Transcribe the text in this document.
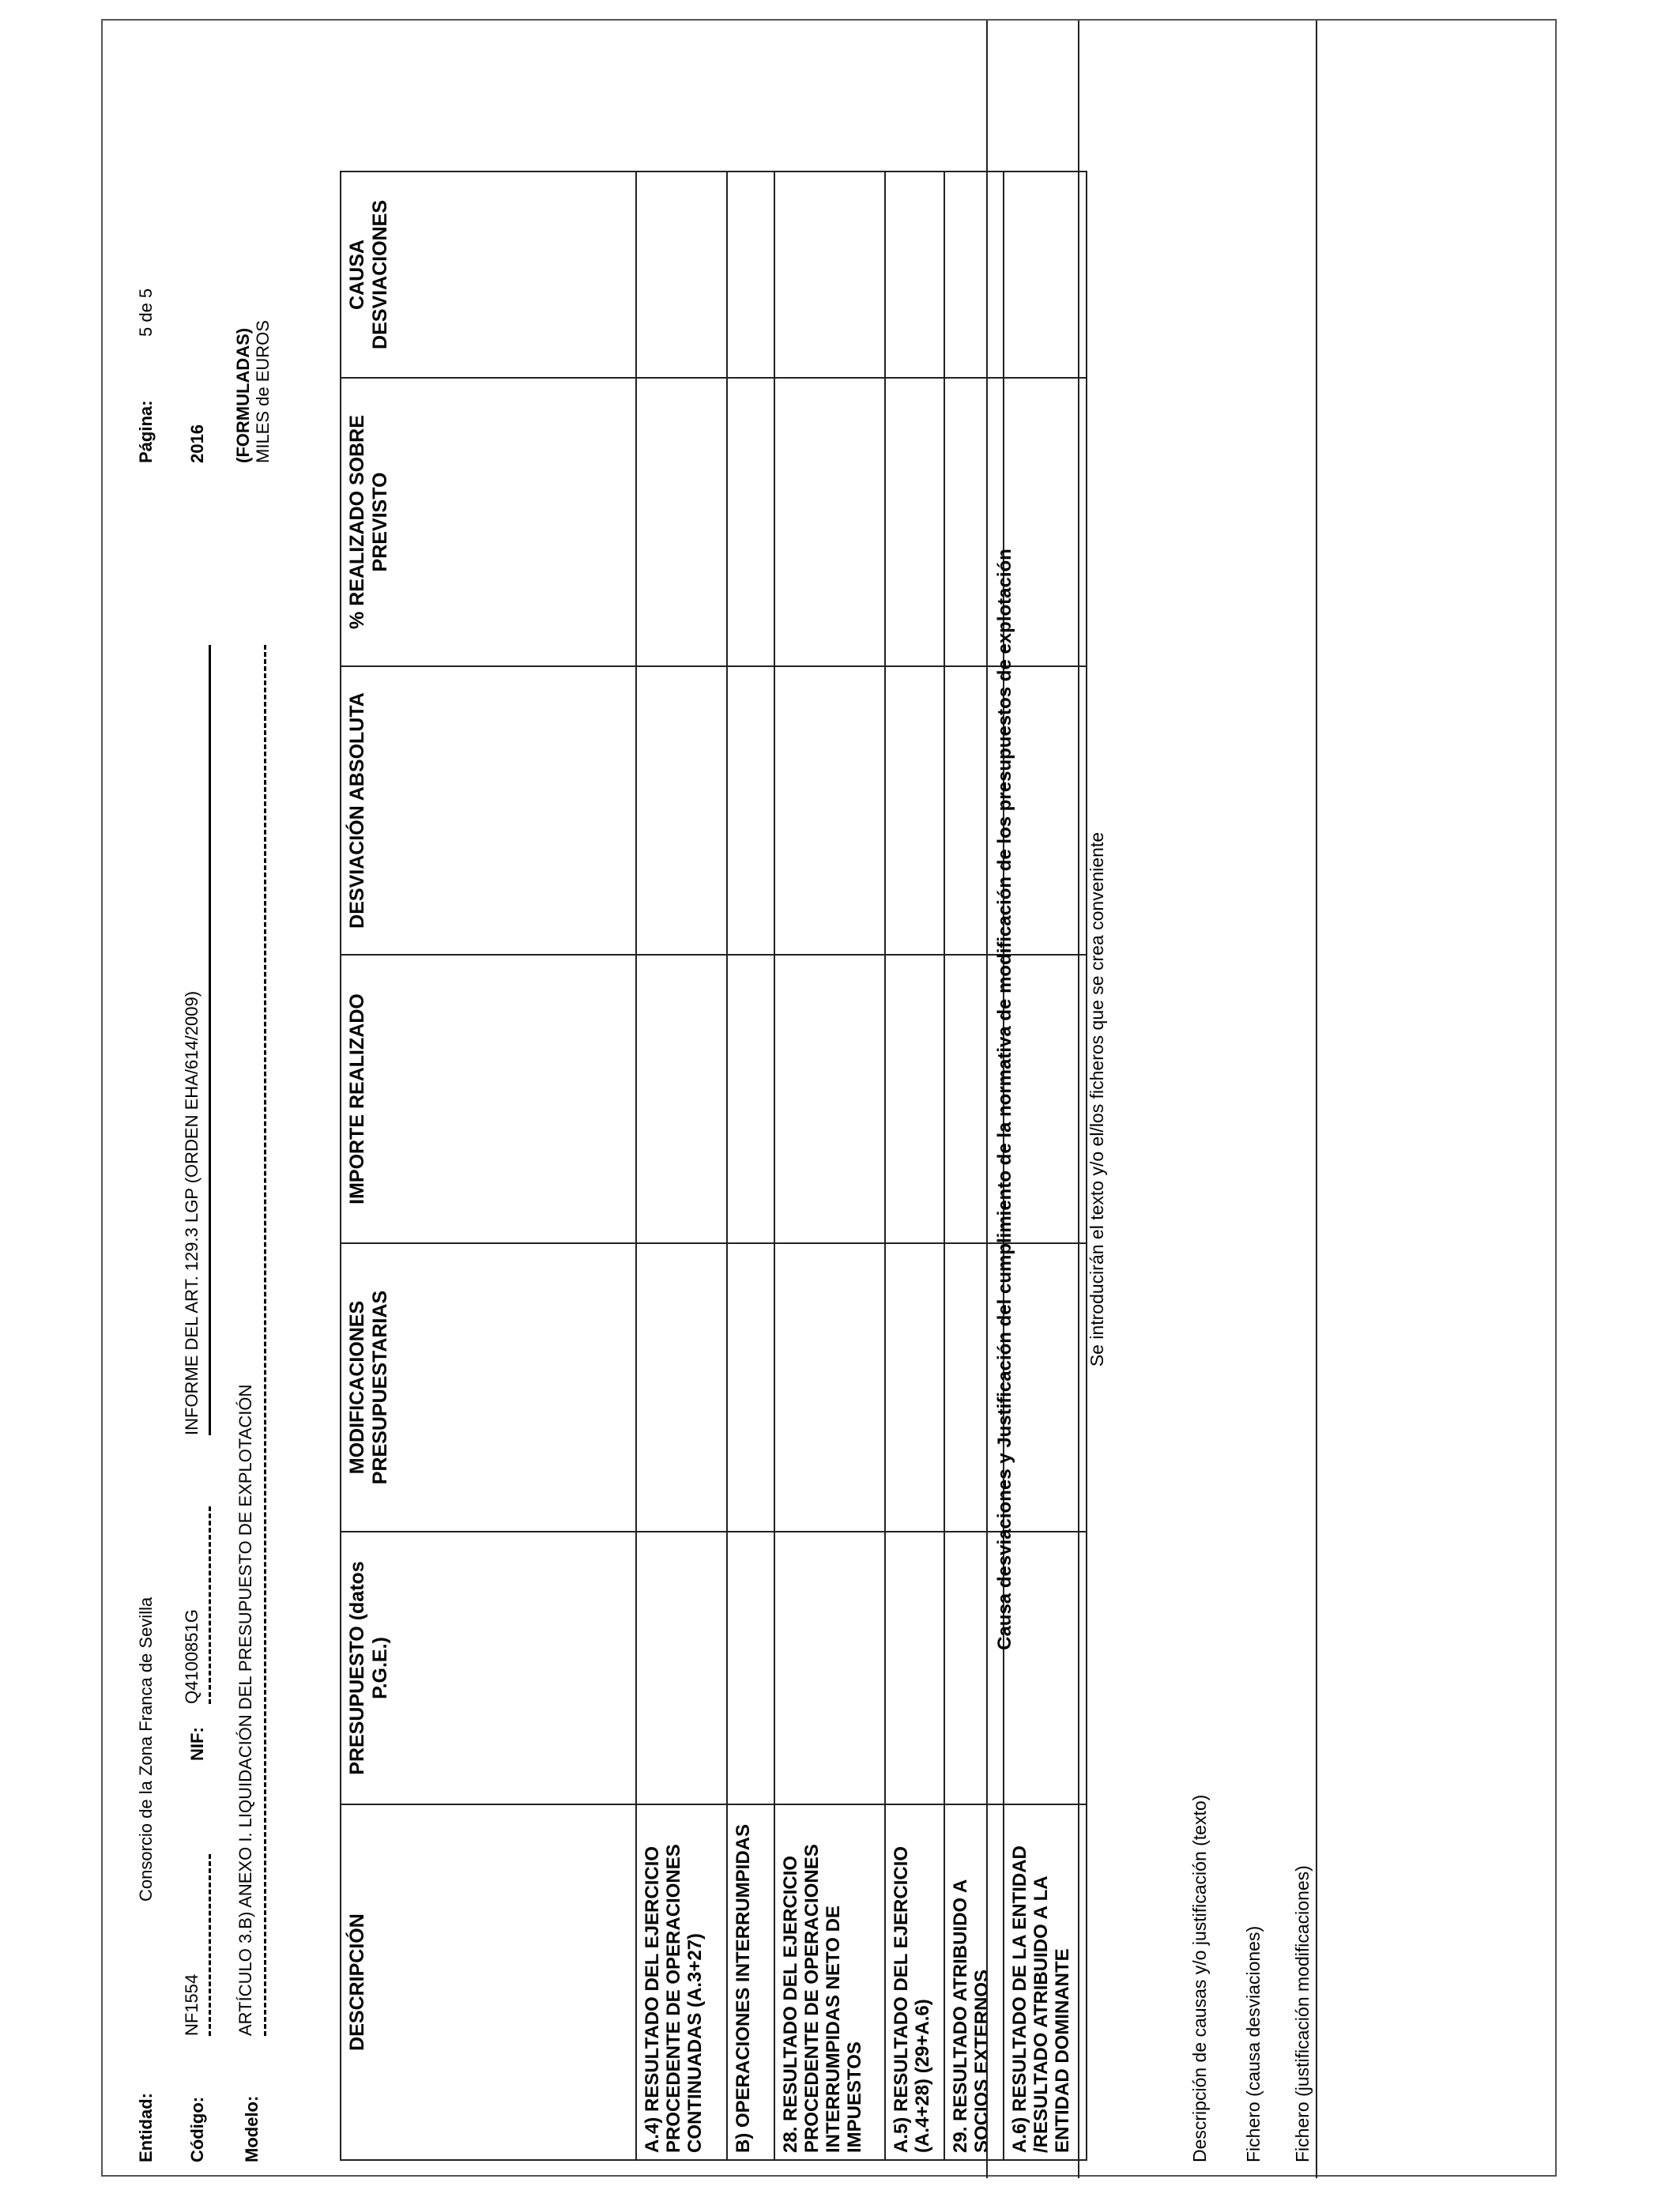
Entidad:
Consorcio de la Zona Franca de Sevilla
Página:
5 de 5
Código:
NF1554
NIF:
Q4100851G
INFORME DEL ART. 129.3 LGP (ORDEN EHA/614/2009)
2016
Modelo:
ARTÍCULO 3.B) ANEXO I. LIQUIDACIÓN DEL PRESUPUESTO DE EXPLOTACIÓN
(FORMULADAS) MILES de EUROS
DESCRIPCIÓN	PRESUPUESTO (datos P.G.E.)	MODIFICACIONES PRESUPUESTARIAS	IMPORTE REALIZADO	DESVIACIÓN ABSOLUTA	% REALIZADO SOBRE PREVISTO	CAUSA DESVIACIONES
A.4) RESULTADO DEL EJERCICIO PROCEDENTE DE OPERACIONES CONTINUADAS (A.3+27)						
B) OPERACIONES INTERRUMPIDAS						
28. RESULTADO DEL EJERCICIO PROCEDENTE DE OPERACIONES INTERRUMPIDAS NETO DE IMPUESTOS						
A.5) RESULTADO DEL EJERCICIO (A.4+28) (29+A.6)						
29. RESULTADO ATRIBUIDO A SOCIOS EXTERNOS						
A.6) RESULTADO DE LA ENTIDAD /RESULTADO ATRIBUIDO A LA ENTIDAD DOMINANTE						
Causa desviaciones y Justificación del cumplimiento de la normativa de modificación de los presupuestos de explotación	Se introducirán el texto y/o el/los ficheros que se crea conveniente
Descripción de causas y/o justificación (texto) Fichero (causa desviaciones) Fichero (justificación modificaciones)
